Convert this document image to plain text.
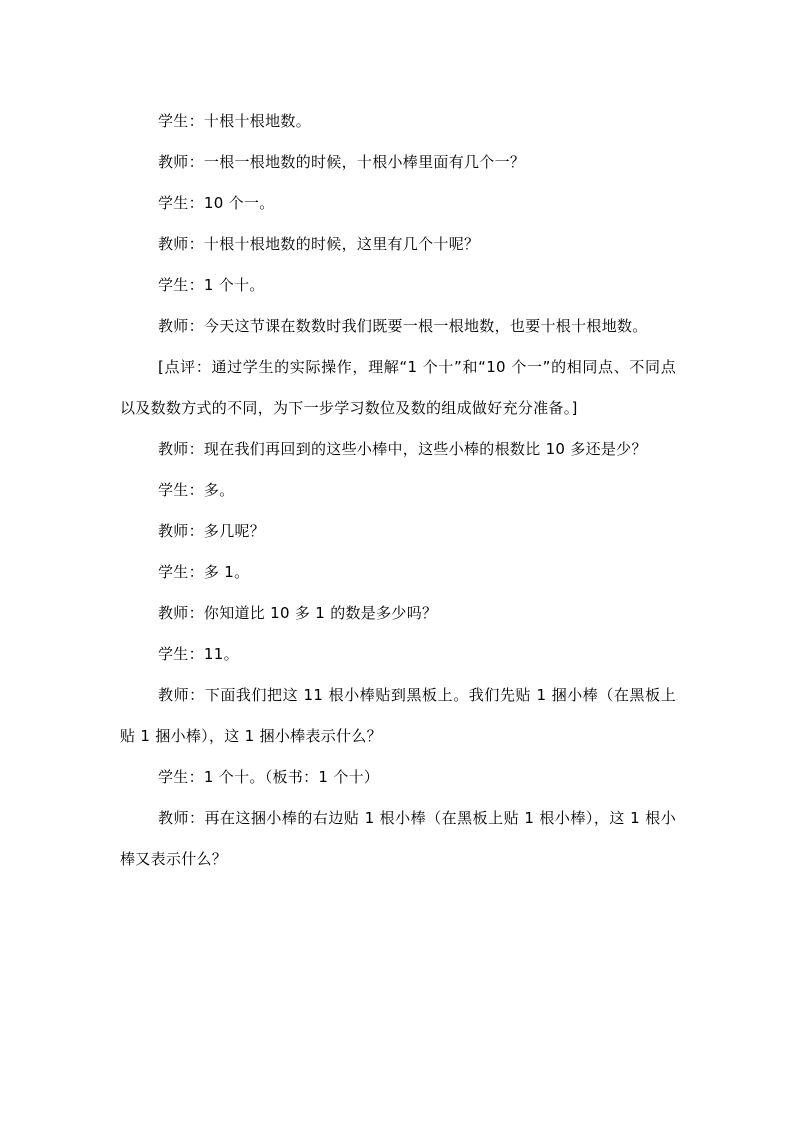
学生：十根十根地数。

教师：一根一根地数的时候，十根小棒里面有几个一？

学生：10 个一。

教师：十根十根地数的时候，这里有几个十呢？

学生：1 个十。

教师：今天这节课在数数时我们既要一根一根地数，也要十根十根地数。

[点评：通过学生的实际操作，理解“1 个十”和“10 个一”的相同点、不同点以及数数方式的不同，为下一步学习数位及数的组成做好充分准备。]

教师：现在我们再回到的这些小棒中，这些小棒的根数比 10 多还是少？

学生：多。

教师：多几呢？

学生：多 1。

教师：你知道比 10 多 1 的数是多少吗？

学生：11。

教师：下面我们把这 11 根小棒贴到黑板上。我们先贴 1 捆小棒（在黑板上贴 1 捆小棒），这 1 捆小棒表示什么？

学生：1 个十。（板书：1 个十）

教师：再在这捆小棒的右边贴 1 根小棒（在黑板上贴 1 根小棒），这 1 根小棒又表示什么？
